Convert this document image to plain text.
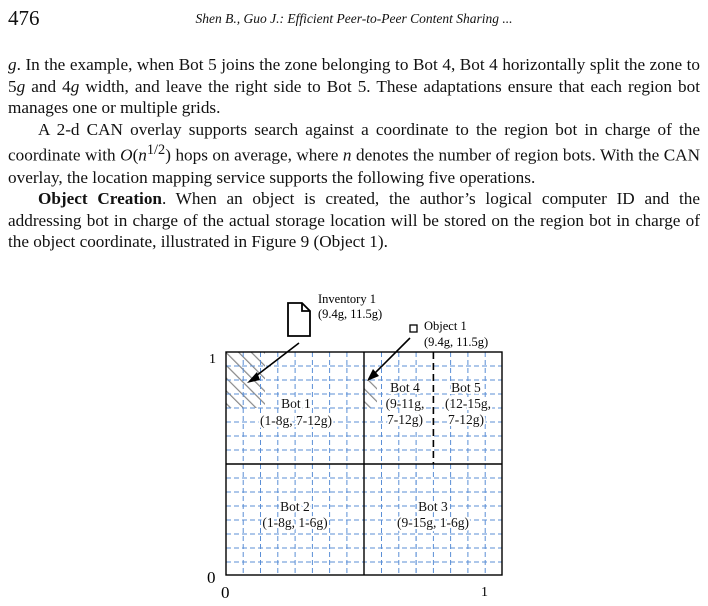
476	Shen B., Guo J.: Efficient Peer-to-Peer Content Sharing ...

g. In the example, when Bot 5 joins the zone belonging to Bot 4, Bot 4 horizontally split the zone to 5g and 4g width, and leave the right side to Bot 5. These adaptations ensure that each region bot manages one or multiple grids.

A 2-d CAN overlay supports search against a coordinate to the region bot in charge of the coordinate with $O(n^{1/2})$ hops on average, where n denotes the number of region bots. With the CAN overlay, the location mapping service supports the following five operations.

Object Creation. When an object is created, the author’s logical computer ID and the addressing bot in charge of the actual storage location will be stored on the region bot in charge of the object coordinate, illustrated in Figure 9 (Object 1).

1
0
0	1
Bot 1
(1-8g, 7-12g)
Bot 4
(9-11g,
7-12g)
Bot 5
(12-15g,
7-12g)
Bot 2
(1-8g, 1-6g)
Bot 3
(9-15g, 1-6g)
Inventory 1
(9.4g, 11.5g)
Object 1
(9.4g, 11.5g)
